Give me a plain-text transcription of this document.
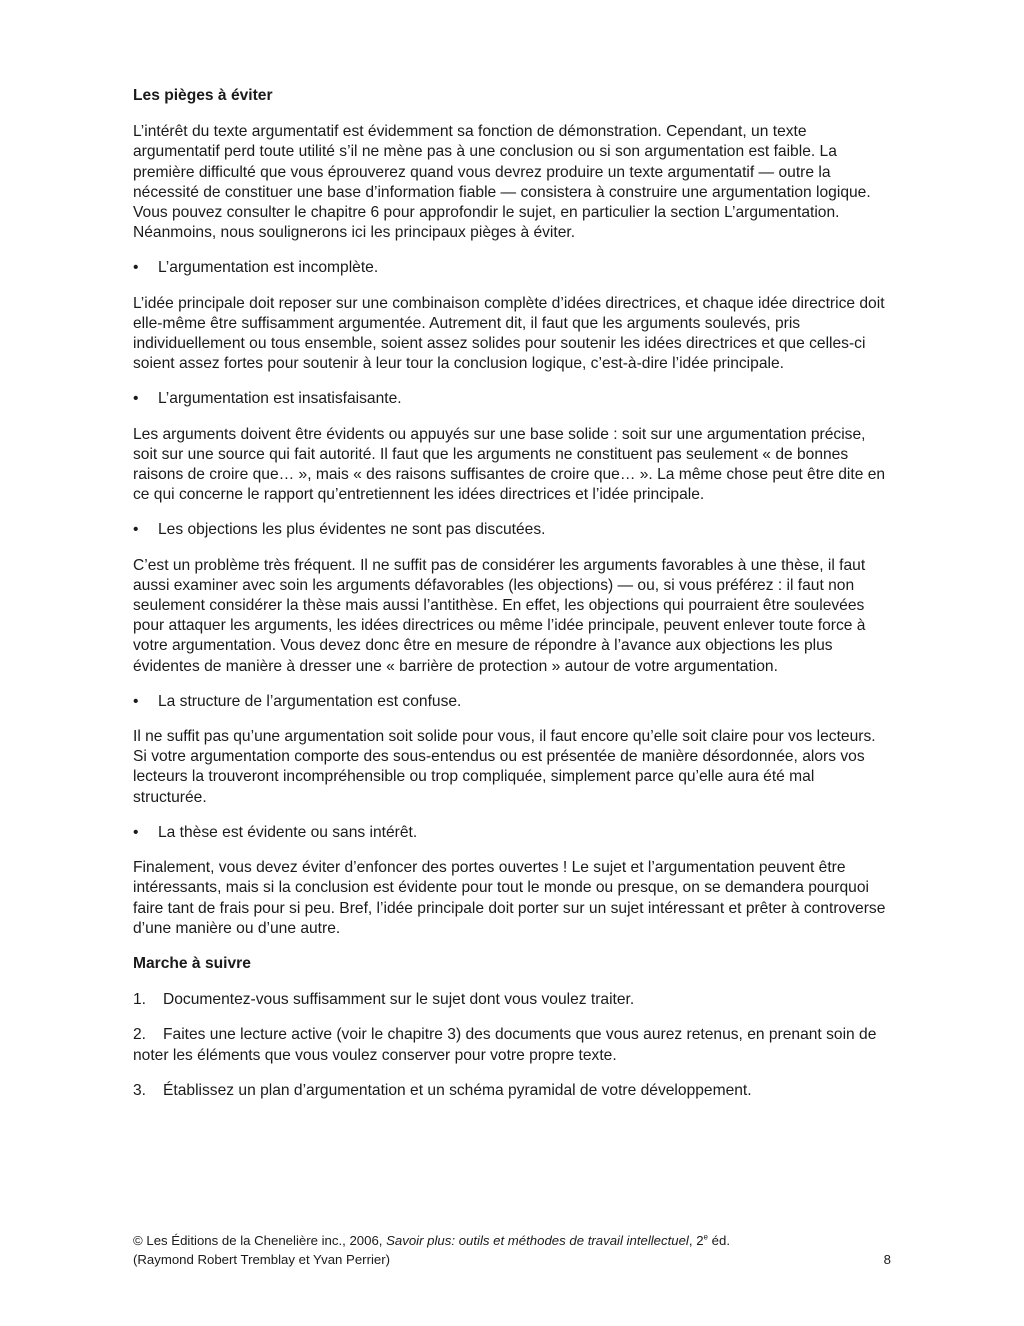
Les pièges à éviter

L’intérêt du texte argumentatif est évidemment sa fonction de démonstration. Cependant, un texte argumentatif perd toute utilité s’il ne mène pas à une conclusion ou si son argumentation est faible. La première difficulté que vous éprouverez quand vous devrez produire un texte argumentatif — outre la nécessité de constituer une base d’information fiable — consistera à construire une argumentation logique. Vous pouvez consulter le chapitre 6 pour approfondir le sujet, en particulier la section L’argumentation. Néanmoins, nous soulignerons ici les principaux pièges à éviter.

•	L’argumentation est incomplète.

L’idée principale doit reposer sur une combinaison complète d’idées directrices, et chaque idée directrice doit elle-même être suffisamment argumentée. Autrement dit, il faut que les arguments soulevés, pris individuellement ou tous ensemble, soient assez solides pour soutenir les idées directrices et que celles-ci soient assez fortes pour soutenir à leur tour la conclusion logique, c’est-à-dire l’idée principale.

•	L’argumentation est insatisfaisante.

Les arguments doivent être évidents ou appuyés sur une base solide : soit sur une argumentation précise, soit sur une source qui fait autorité. Il faut que les arguments ne constituent pas seulement « de bonnes raisons de croire que… », mais « des raisons suffisantes de croire que… ». La même chose peut être dite en ce qui concerne le rapport qu’entretiennent les idées directrices et l’idée principale.

•	Les objections les plus évidentes ne sont pas discutées.

C’est un problème très fréquent. Il ne suffit pas de considérer les arguments favorables à une thèse, il faut aussi examiner avec soin les arguments défavorables (les objections) — ou, si vous préférez : il faut non seulement considérer la thèse mais aussi l’antithèse. En effet, les objections qui pourraient être soulevées pour attaquer les arguments, les idées directrices ou même l’idée principale, peuvent enlever toute force à votre argumentation. Vous devez donc être en mesure de répondre à l’avance aux objections les plus évidentes de manière à dresser une « barrière de protection » autour de votre argumentation.

•	La structure de l’argumentation est confuse.

Il ne suffit pas qu’une argumentation soit solide pour vous, il faut encore qu’elle soit claire pour vos lecteurs. Si votre argumentation comporte des sous-entendus ou est présentée de manière désordonnée, alors vos lecteurs la trouveront incompréhensible ou trop compliquée, simplement parce qu’elle aura été mal structurée.

•	La thèse est évidente ou sans intérêt.

Finalement, vous devez éviter d’enfoncer des portes ouvertes ! Le sujet et l’argumentation peuvent être intéressants, mais si la conclusion est évidente pour tout le monde ou presque, on se demandera pourquoi faire tant de frais pour si peu. Bref, l’idée principale doit porter sur un sujet intéressant et prêter à controverse d’une manière ou d’une autre.

Marche à suivre

1. Documentez-vous suffisamment sur le sujet dont vous voulez traiter.

2. Faites une lecture active (voir le chapitre 3) des documents que vous aurez retenus, en prenant soin de noter les éléments que vous voulez conserver pour votre propre texte.

3. Établissez un plan d’argumentation et un schéma pyramidal de votre développement.

© Les Éditions de la Chenelière inc., 2006, Savoir plus: outils et méthodes de travail intellectuel, 2e éd.
(Raymond Robert Tremblay et Yvan Perrier)	8
